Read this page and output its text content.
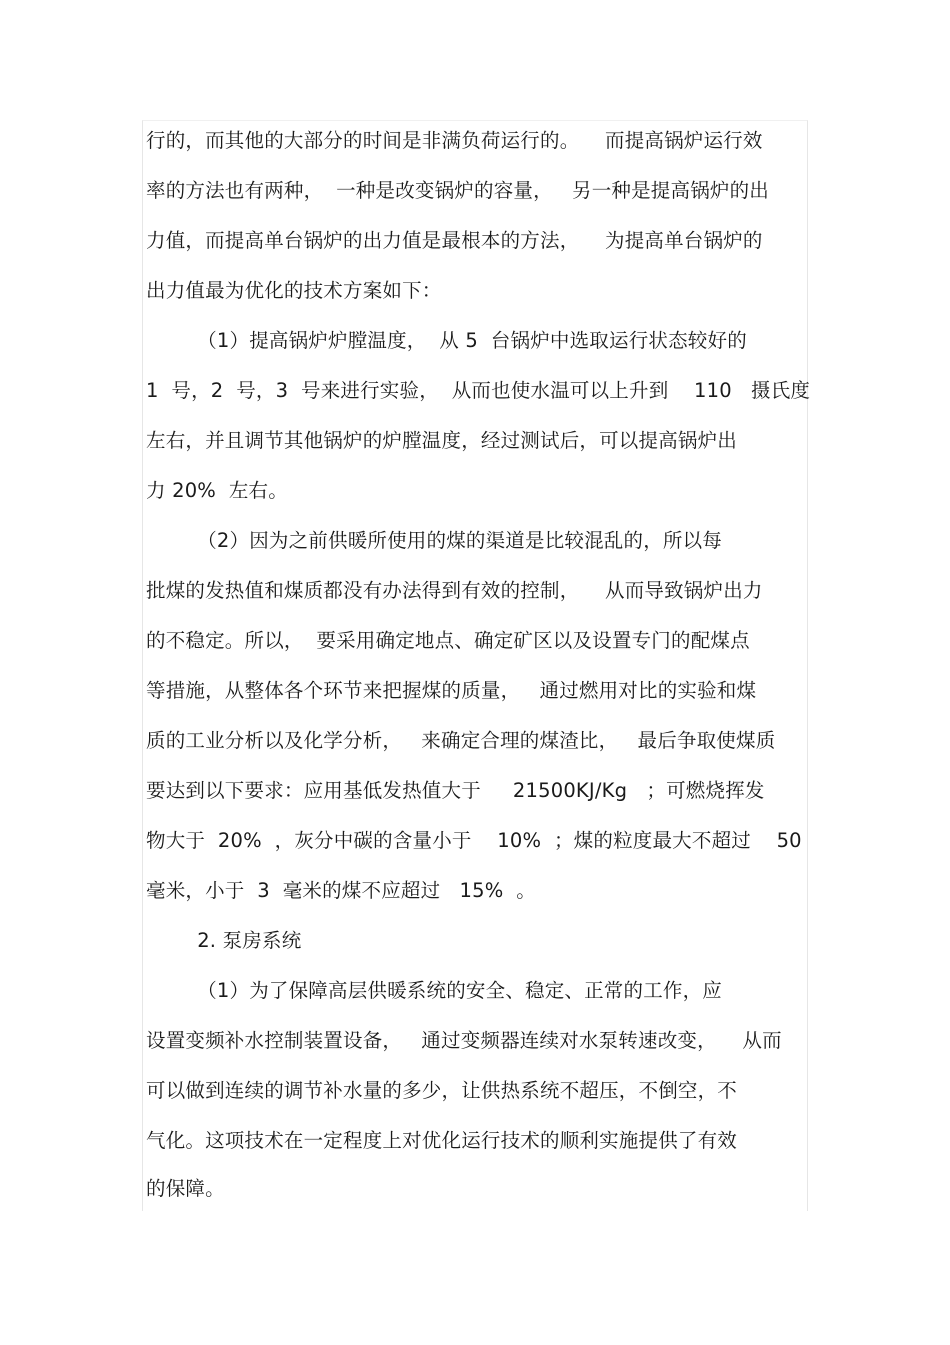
行的，而其他的大部分的时间是非满负荷运行的。    而提高锅炉运行效
率的方法也有两种，  一种是改变锅炉的容量，   另一种是提高锅炉的出
力值，而提高单台锅炉的出力值是最根本的方法，    为提高单台锅炉的
出力值最为优化的技术方案如下：
（1）提高锅炉炉膛温度，  从 5  台锅炉中选取运行状态较好的
1  号，2  号，3  号来进行实验，  从而也使水温可以上升到    110   摄氏度
左右，并且调节其他锅炉的炉膛温度，经过测试后，可以提高锅炉出
力 20%  左右。
（2）因为之前供暖所使用的煤的渠道是比较混乱的，所以每
批煤的发热值和煤质都没有办法得到有效的控制，    从而导致锅炉出力
的不稳定。所以，  要采用确定地点、确定矿区以及设置专门的配煤点
等措施，从整体各个环节来把握煤的质量，   通过燃用对比的实验和煤
质的工业分析以及化学分析，   来确定合理的煤渣比，   最后争取使煤质
要达到以下要求：应用基低发热值大于     21500KJ/Kg   ；可燃烧挥发
物大于  20%  ，灰分中碳的含量小于    10%  ；煤的粒度最大不超过    50
毫米，小于  3  毫米的煤不应超过   15%  。
2. 泵房系统
（1）为了保障高层供暖系统的安全、稳定、正常的工作，应
设置变频补水控制装置设备，   通过变频器连续对水泵转速改变，    从而
可以做到连续的调节补水量的多少，让供热系统不超压，不倒空，不
气化。这项技术在一定程度上对优化运行技术的顺利实施提供了有效
的保障。
